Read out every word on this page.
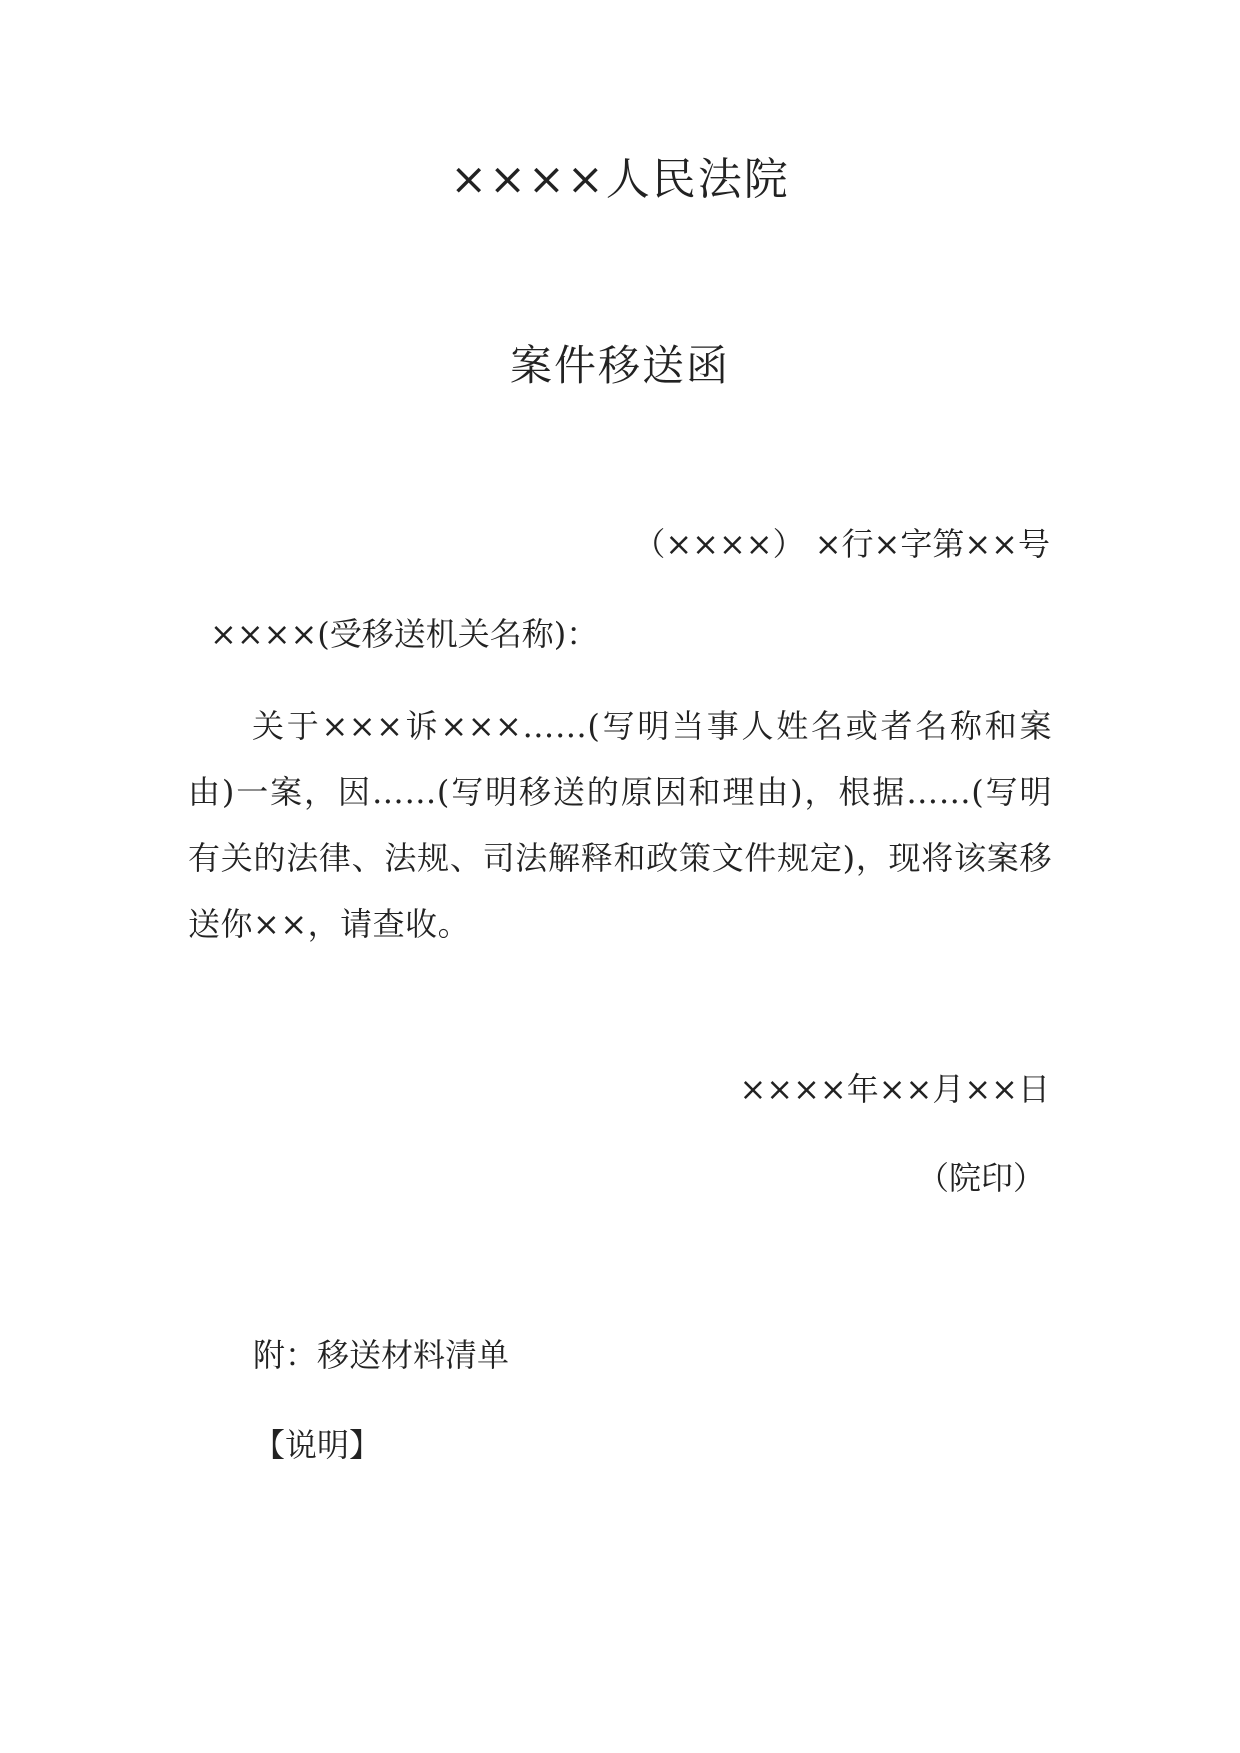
××××人民法院
案件移送函
（××××） ×行×字第××号
××××(受移送机关名称)：

关于×××诉×××……(写明当事人姓名或者名称和案由)一案，因……(写明移送的原因和理由)，根据……(写明有关的法律、法规、司法解释和政策文件规定)，现将该案移送你××，请查收。

××××年××月××日
（院印）
附：移送材料清单
【说明】
